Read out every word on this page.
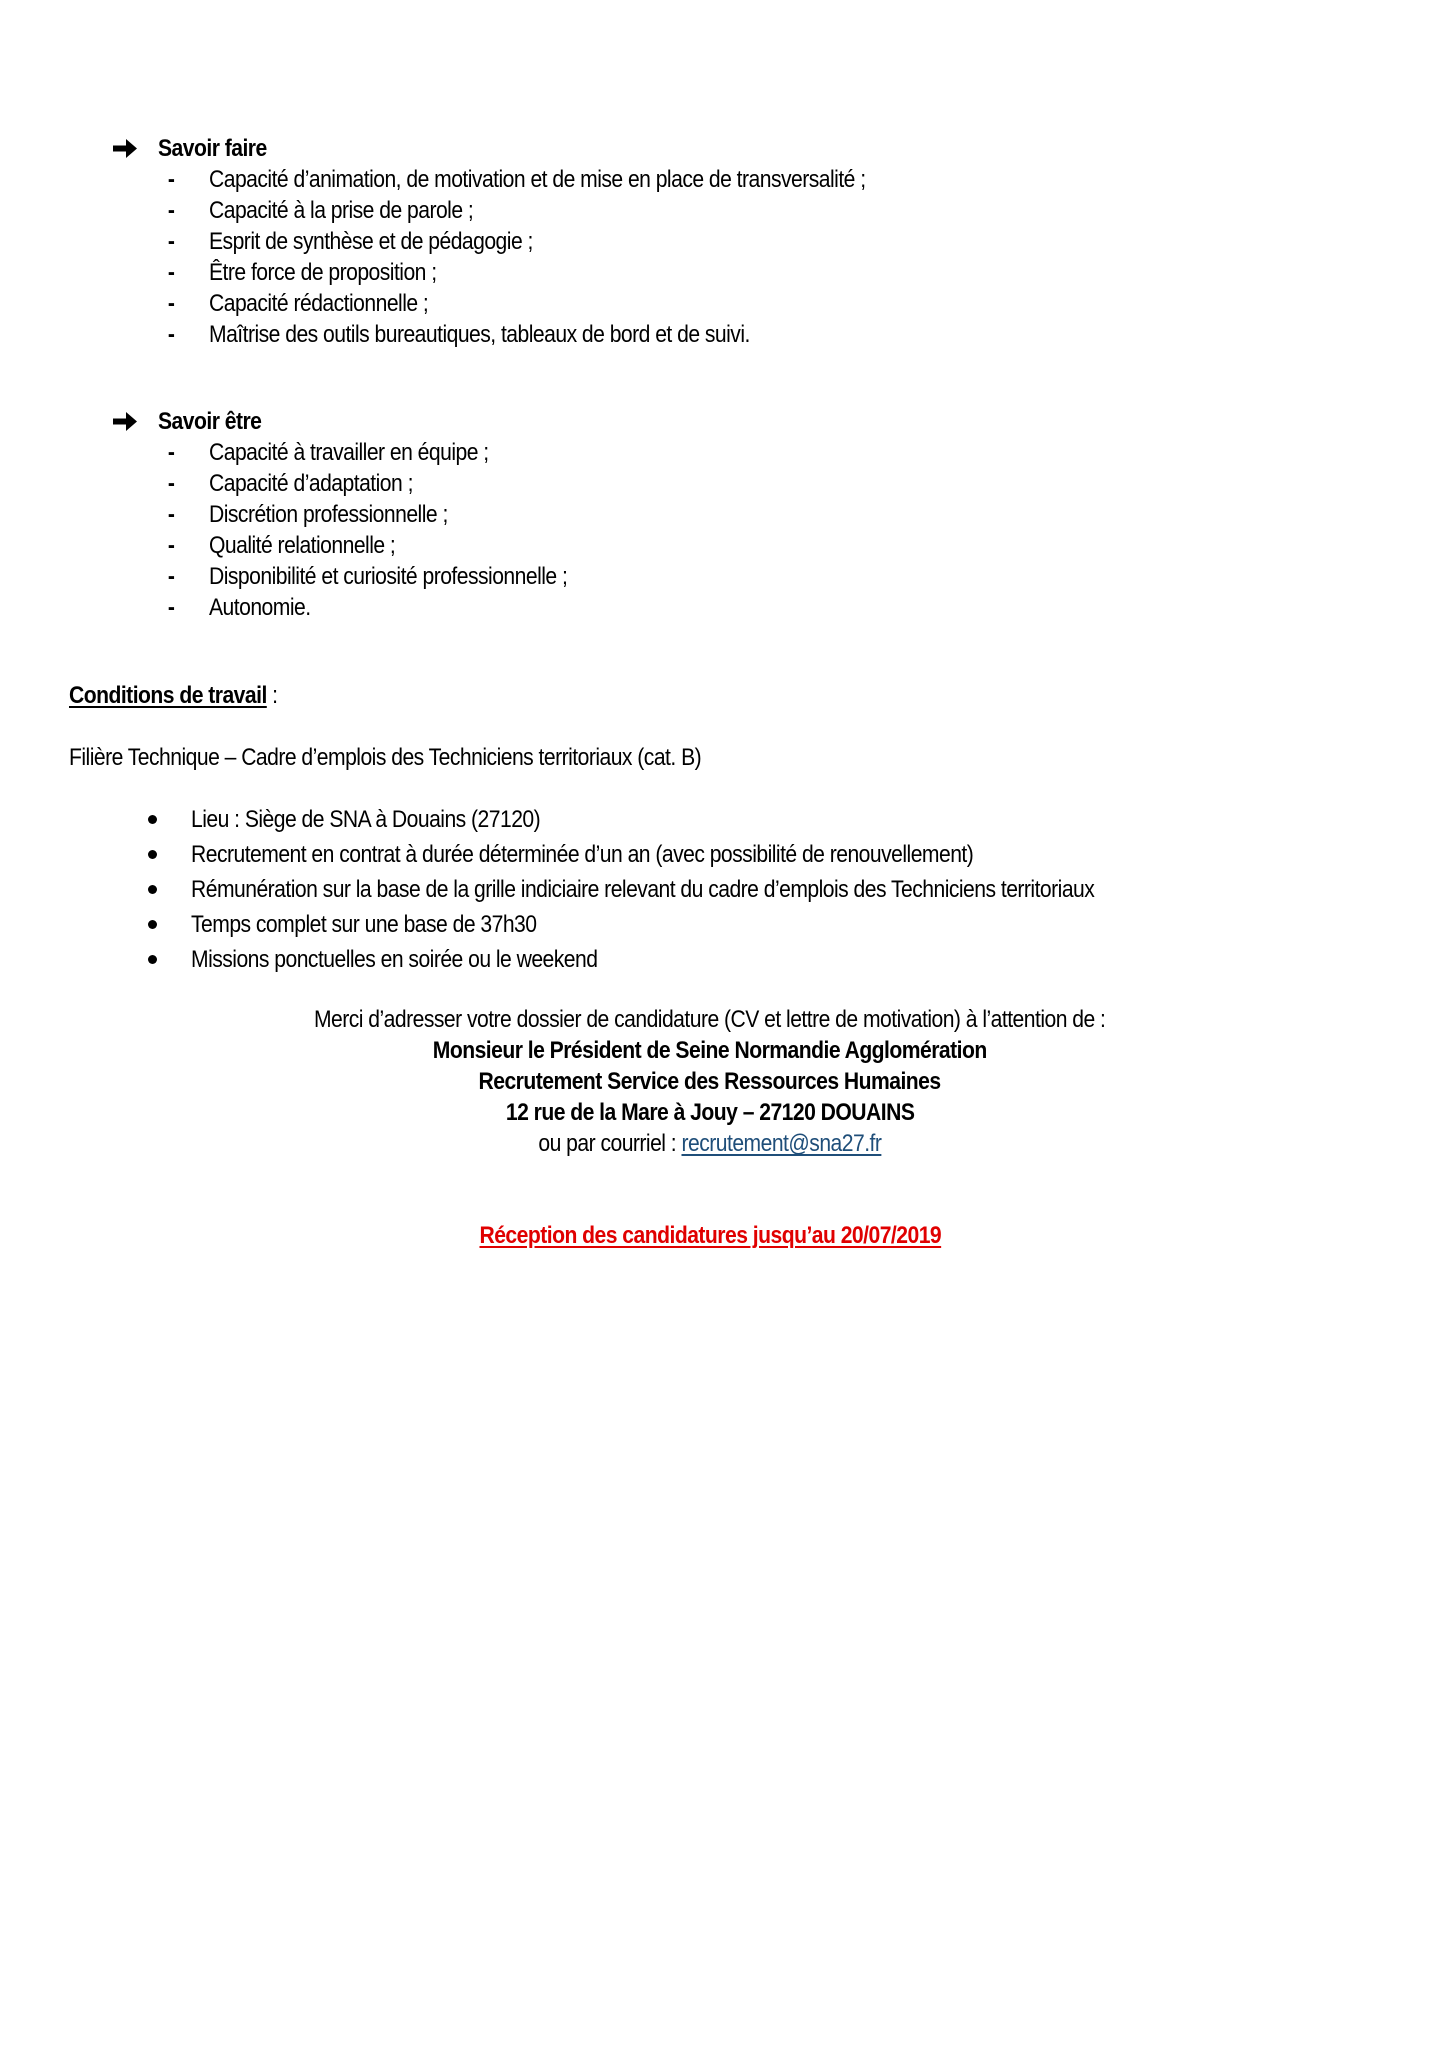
Savoir faire
- Capacité d’animation, de motivation et de mise en place de transversalité ;
- Capacité à la prise de parole ;
- Esprit de synthèse et de pédagogie ;
- Être force de proposition ;
- Capacité rédactionnelle ;
- Maîtrise des outils bureautiques, tableaux de bord et de suivi.
Savoir être
- Capacité à travailler en équipe ;
- Capacité d’adaptation ;
- Discrétion professionnelle ;
- Qualité relationnelle ;
- Disponibilité et curiosité professionnelle ;
- Autonomie.
Conditions de travail :
Filière Technique – Cadre d’emplois des Techniciens territoriaux (cat. B)
Lieu : Siège de SNA à Douains (27120)
Recrutement en contrat à durée déterminée d’un an (avec possibilité de renouvellement)
Rémunération sur la base de la grille indiciaire relevant du cadre d’emplois des Techniciens territoriaux
Temps complet sur une base de 37h30
Missions ponctuelles en soirée ou le weekend
Merci d’adresser votre dossier de candidature (CV et lettre de motivation) à l’attention de :
Monsieur le Président de Seine Normandie Agglomération
Recrutement Service des Ressources Humaines
12 rue de la Mare à Jouy – 27120 DOUAINS
ou par courriel : recrutement@sna27.fr
Réception des candidatures jusqu’au 20/07/2019
